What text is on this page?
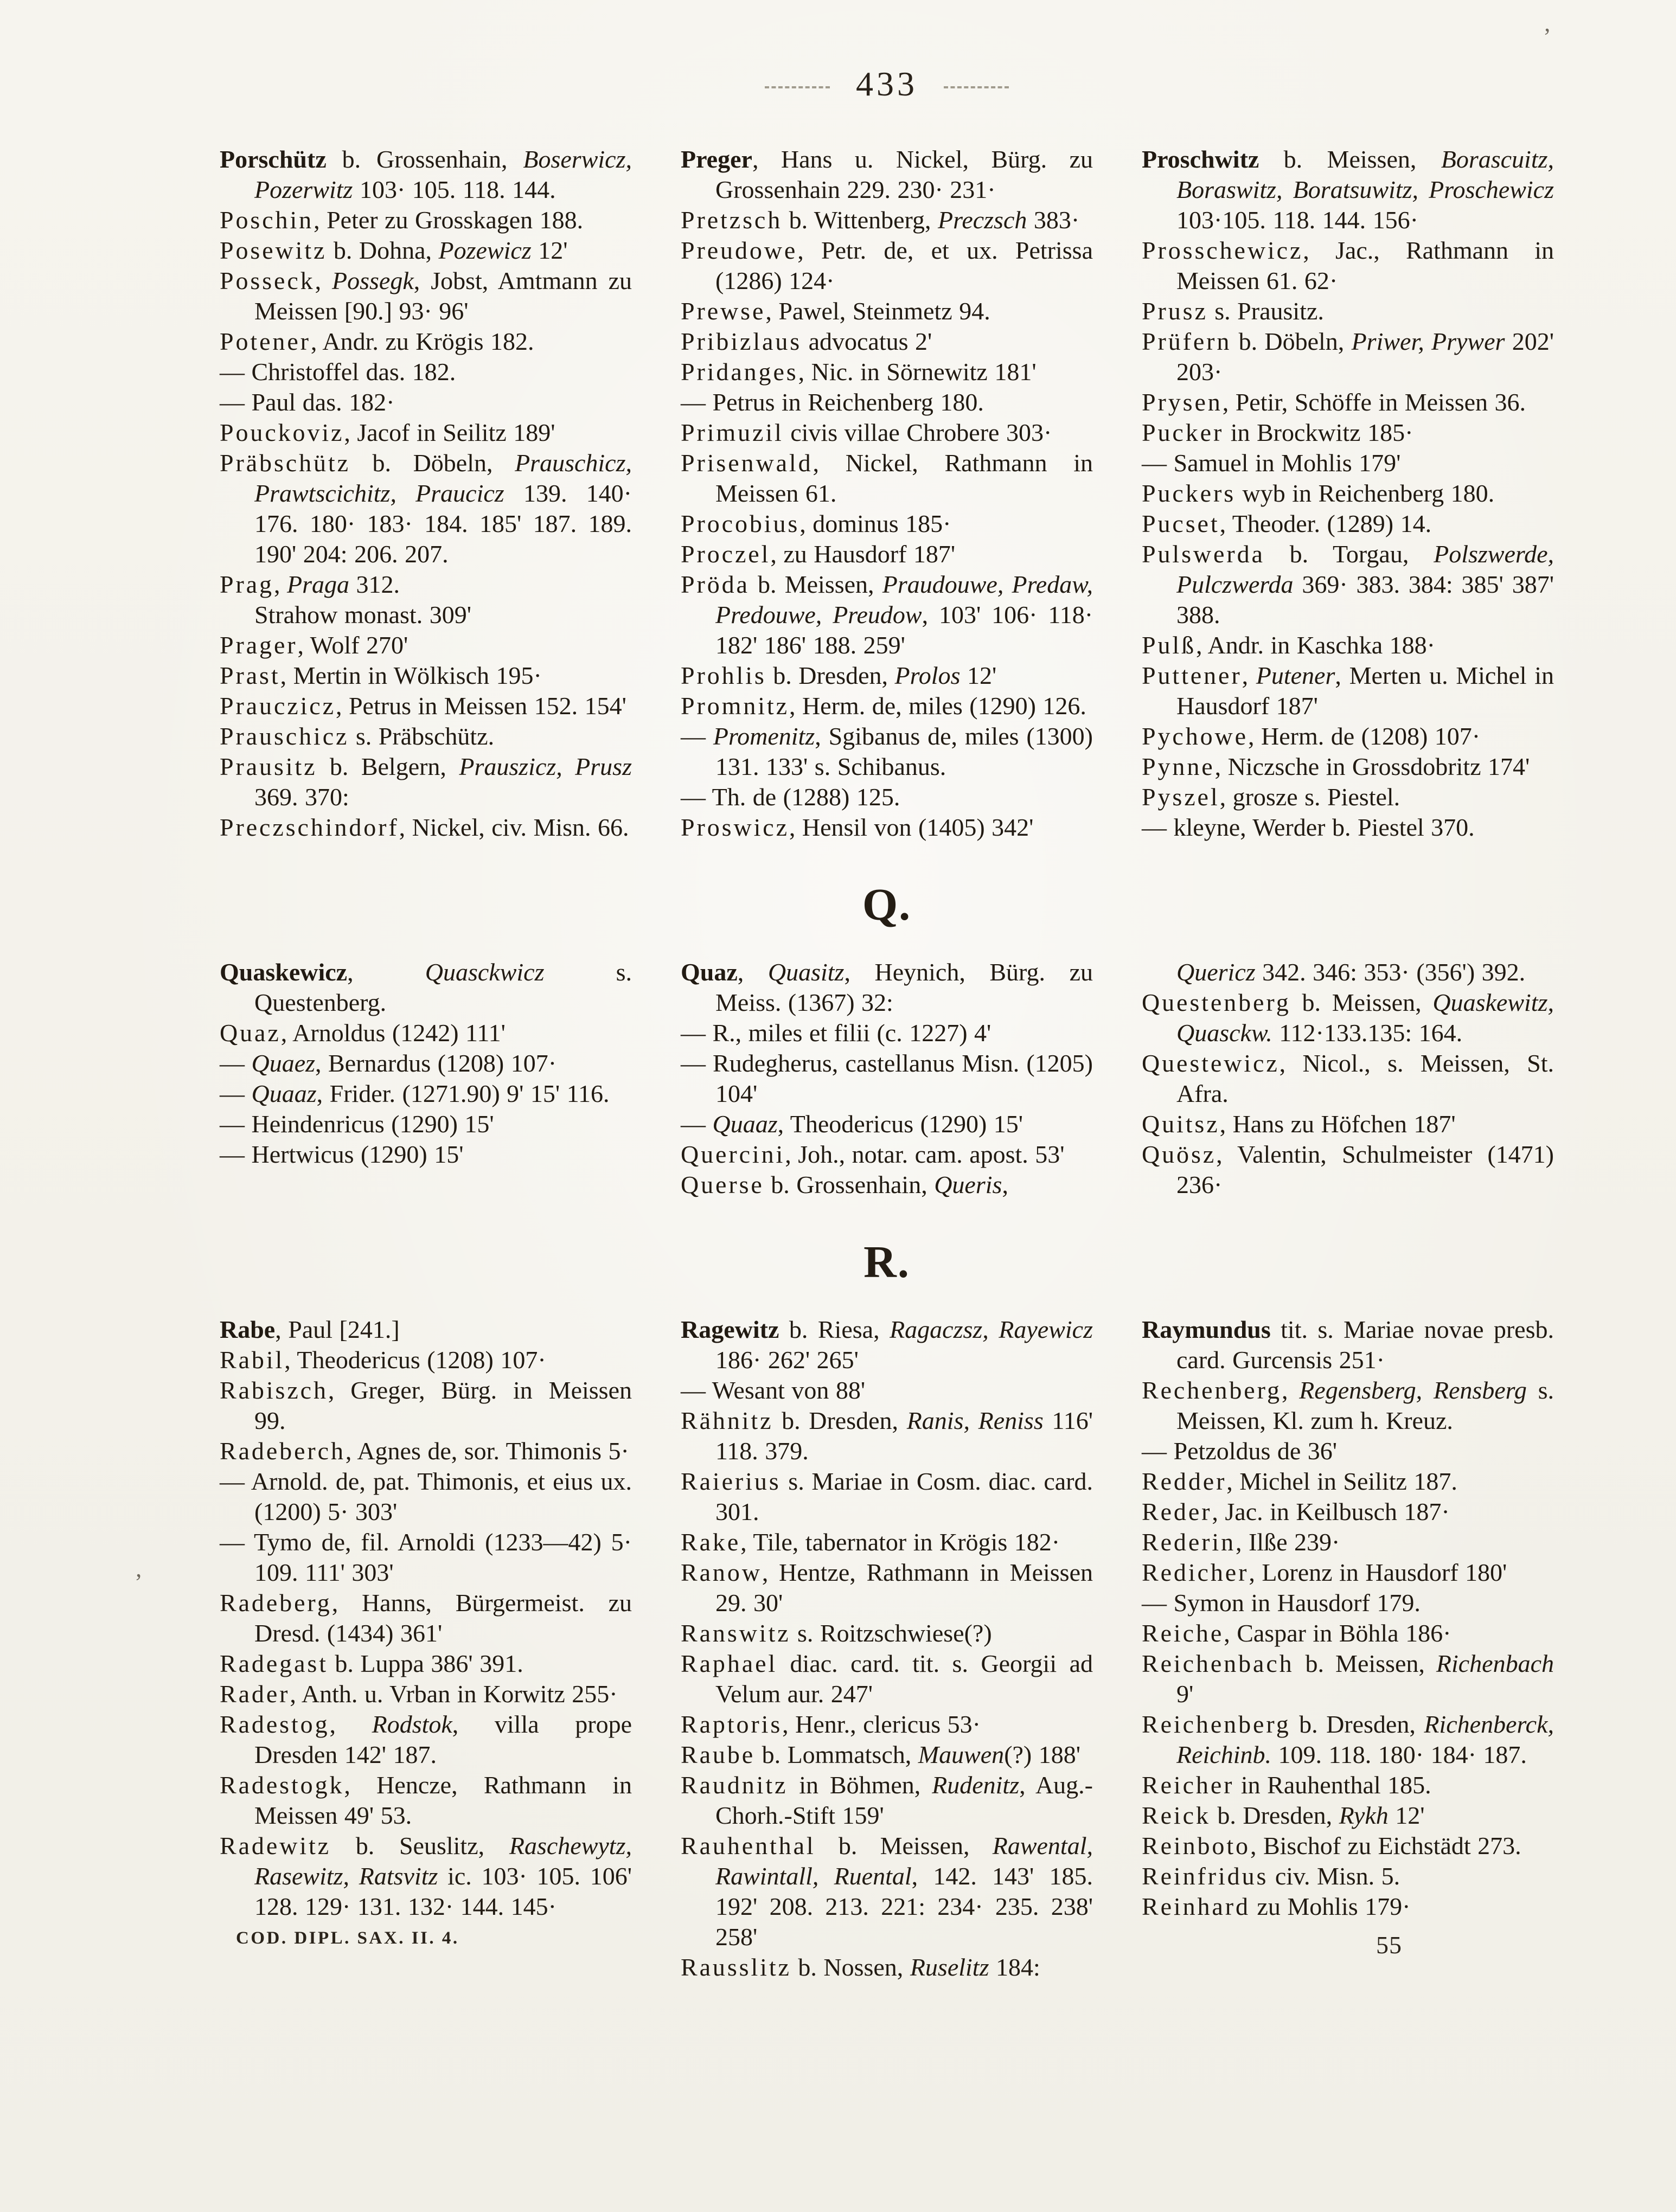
433

Porschütz b. Grossenhain, Boserwicz, Pozerwitz 103· 105. 118. 144.

Poschin, Peter zu Grosskagen 188.

Posewitz b. Dohna, Pozewicz 12'

Posseck, Possegk, Jobst, Amtmann zu Meissen [90.] 93· 96'

Potener, Andr. zu Krögis 182.

— Christoffel das. 182.

— Paul das. 182·

Pouckoviz, Jacof in Seilitz 189'

Präbschütz b. Döbeln, Prauschicz, Prawtscichitz, Praucicz 139. 140· 176. 180· 183· 184. 185' 187. 189. 190' 204: 206. 207.

Prag, Praga 312.
Strahow monast. 309'

Prager, Wolf 270'

Prast, Mertin in Wölkisch 195·

Prauczicz, Petrus in Meissen 152. 154'

Prauschicz s. Präbschütz.

Prausitz b. Belgern, Prauszicz, Prusz 369. 370:

Preczschindorf, Nickel, civ. Misn. 66.

Preger, Hans u. Nickel, Bürg. zu Grossenhain 229. 230· 231·

Pretzsch b. Wittenberg, Preczsch 383·

Preudowe, Petr. de, et ux. Petrissa (1286) 124·

Prewse, Pawel, Steinmetz 94.

Pribizlaus advocatus 2'

Pridanges, Nic. in Sörnewitz 181'

— Petrus in Reichenberg 180.

Primuzil civis villae Chrobere 303·

Prisenwald, Nickel, Rathmann in Meissen 61.

Procobius, dominus 185·

Proczel, zu Hausdorf 187'

Pröda b. Meissen, Praudouwe, Predaw, Predouwe, Preudow, 103' 106· 118· 182' 186' 188. 259'

Prohlis b. Dresden, Prolos 12'

Promnitz, Herm. de, miles (1290) 126.

— Promenitz, Sgibanus de, miles (1300) 131. 133' s. Schibanus.

— Th. de (1288) 125.

Proswicz, Hensil von (1405) 342'

Proschwitz b. Meissen, Borascuitz, Boraswitz, Boratsuwitz, Proschewicz 103·105. 118. 144. 156·

Prosschewicz, Jac., Rathmann in Meissen 61. 62·

Prusz s. Prausitz.

Prüfern b. Döbeln, Priwer, Prywer 202' 203·

Prysen, Petir, Schöffe in Meissen 36.

Pucker in Brockwitz 185·

— Samuel in Mohlis 179'

Puckers wyb in Reichenberg 180.

Pucset, Theoder. (1289) 14.

Pulswerda b. Torgau, Polszwerde, Pulczwerda 369· 383. 384: 385' 387' 388.

Pulß, Andr. in Kaschka 188·

Puttener, Putener, Merten u. Michel in Hausdorf 187'

Pychowe, Herm. de (1208) 107·

Pynne, Niczsche in Grossdobritz 174'

Pyszel, grosze s. Piestel.

— kleyne, Werder b. Piestel 370.

Q.

Quaskewicz, Quasckwicz s. Questenberg.

Quaz, Arnoldus (1242) 111'

— Quaez, Bernardus (1208) 107·

— Quaaz, Frider. (1271.90) 9' 15' 116.

— Heindenricus (1290) 15'

— Hertwicus (1290) 15'

Quaz, Quasitz, Heynich, Bürg. zu Meiss. (1367) 32:

— R., miles et filii (c. 1227) 4'

— Rudegherus, castellanus Misn. (1205) 104'

— Quaaz, Theodericus (1290) 15'

Quercini, Joh., notar. cam. apost. 53'

Querse b. Grossenhain, Queris,

Quericz 342. 346: 353· (356') 392.

Questenberg b. Meissen, Quaskewitz, Quasckw. 112·133.135: 164.

Questewicz, Nicol., s. Meissen, St. Afra.

Quitsz, Hans zu Höfchen 187'

Quösz, Valentin, Schulmeister (1471) 236·

R.

Rabe, Paul [241.]

Rabil, Theodericus (1208) 107·

Rabiszch, Greger, Bürg. in Meissen 99.

Radeberch, Agnes de, sor. Thimonis 5·

— Arnold. de, pat. Thimonis, et eius ux. (1200) 5· 303'

— Tymo de, fil. Arnoldi (1233—42) 5· 109. 111' 303'

Radeberg, Hanns, Bürgermeist. zu Dresd. (1434) 361'

Radegast b. Luppa 386' 391.

Rader, Anth. u. Vrban in Korwitz 255·

Radestog, Rodstok, villa prope Dresden 142' 187.

Radestogk, Hencze, Rathmann in Meissen 49' 53.

Radewitz b. Seuslitz, Raschewytz, Rasewitz, Ratsvitz ic. 103· 105. 106' 128. 129· 131. 132· 144. 145·

COD. DIPL. SAX. II. 4.

Ragewitz b. Riesa, Ragaczsz, Rayewicz 186· 262' 265'

— Wesant von 88'

Rähnitz b. Dresden, Ranis, Reniss 116' 118. 379.

Raierius s. Mariae in Cosm. diac. card. 301.

Rake, Tile, tabernator in Krögis 182·

Ranow, Hentze, Rathmann in Meissen 29. 30'

Ranswitz s. Roitzschwiese(?)

Raphael diac. card. tit. s. Georgii ad Velum aur. 247'

Raptoris, Henr., clericus 53·

Raube b. Lommatsch, Mauwen(?) 188'

Raudnitz in Böhmen, Rudenitz, Aug.-Chorh.-Stift 159'

Rauhenthal b. Meissen, Rawental, Rawintall, Ruental, 142. 143' 185. 192' 208. 213. 221: 234· 235. 238' 258'

Rausslitz b. Nossen, Ruselitz 184:

Raymundus tit. s. Mariae novae presb. card. Gurcensis 251·

Rechenberg, Regensberg, Rensberg s. Meissen, Kl. zum h. Kreuz.

— Petzoldus de 36'

Redder, Michel in Seilitz 187.

Reder, Jac. in Keilbusch 187·

Rederin, Ilße 239·

Redicher, Lorenz in Hausdorf 180'

— Symon in Hausdorf 179.

Reiche, Caspar in Böhla 186·

Reichenbach b. Meissen, Richenbach 9'

Reichenberg b. Dresden, Richenberck, Reichinb. 109. 118. 180· 184· 187.

Reicher in Rauhenthal 185.

Reick b. Dresden, Rykh 12'

Reinboto, Bischof zu Eichstädt 273.

Reinfridus civ. Misn. 5.

Reinhard zu Mohlis 179·

55

’
’
